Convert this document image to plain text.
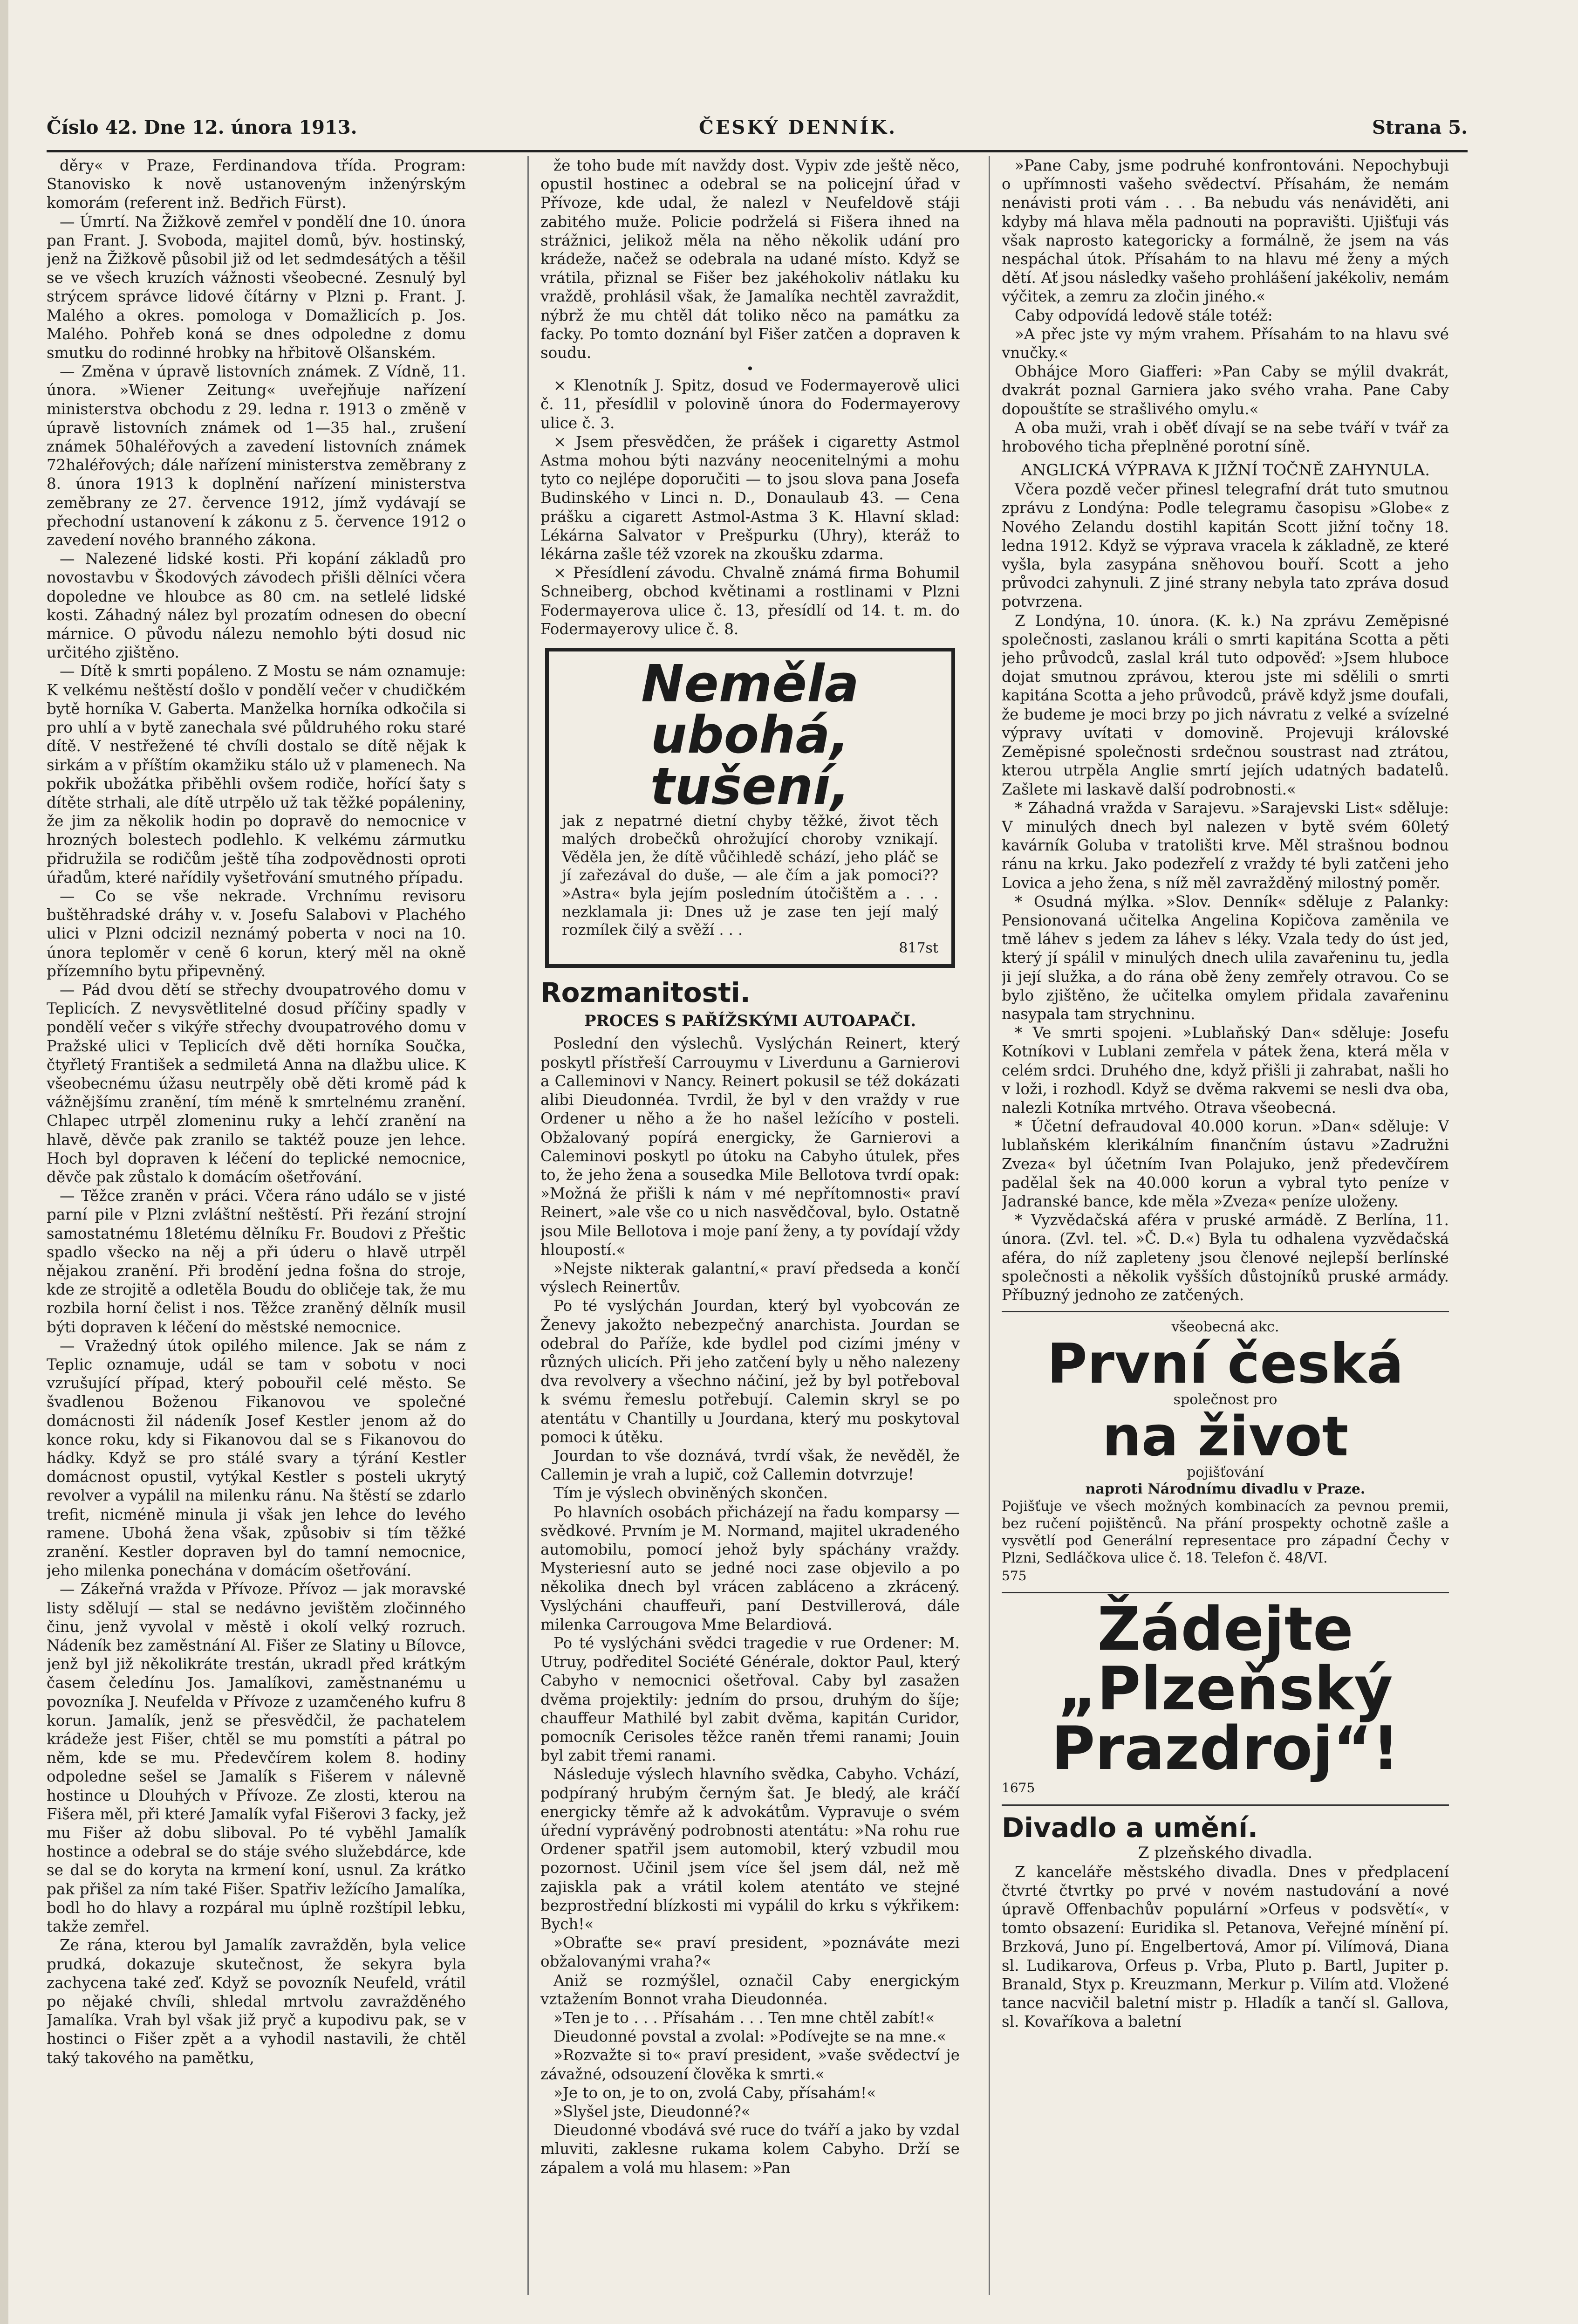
Číslo 42. Dne 12. února 1913.	ČESKÝ DENNÍK.	Strana 5.

děry« v Praze, Ferdinandova třída. Program: Stanovisko k nově ustanoveným inženýrským komorám (referent inž. Bedřich Fürst).

— Úmrtí. Na Žižkově zemřel v pondělí dne 10. února pan Frant. J. Svoboda, majitel domů, býv. hostinský, jenž na Žižkově působil již od let sedmdesátých a těšil se ve všech kruzích vážnosti všeobecné. Zesnulý byl strýcem správce lidové čítárny v Plzni p. Frant. J. Malého a okres. pomologa v Domažlicích p. Jos. Malého. Pohřeb koná se dnes odpoledne z domu smutku do rodinné hrobky na hřbitově Olšanském.

— Změna v úpravě listovních známek. Z Vídně, 11. února. »Wiener Zeitung« uveřejňuje nařízení ministerstva obchodu z 29. ledna r. 1913 o změně v úpravě listovních známek od 1—35 hal., zrušení známek 50haléřových a zavedení listovních známek 72haléřových; dále nařízení ministerstva zeměbrany z 8. února 1913 k doplnění nařízení ministerstva zeměbrany ze 27. července 1912, jímž vydávají se přechodní ustanovení k zákonu z 5. července 1912 o zavedení nového branného zákona.

— Nalezené lidské kosti. Při kopání základů pro novostavbu v Škodových závodech přišli dělníci včera dopoledne ve hloubce as 80 cm. na setlelé lidské kosti. Záhadný nález byl prozatím odnesen do obecní márnice. O původu nálezu nemohlo býti dosud nic určitého zjištěno.

— Dítě k smrti popáleno. Z Mostu se nám oznamuje: K velkému neštěstí došlo v pondělí večer v chudičkém bytě horníka V. Gaberta. Manželka horníka odkočila si pro uhlí a v bytě zanechala své půldruhého roku staré dítě. V nestřežené té chvíli dostalo se dítě nějak k sirkám a v příštím okamžiku stálo už v plamenech. Na pokřik ubožátka přiběhli ovšem rodiče, hořící šaty s dítěte strhali, ale dítě utrpělo už tak těžké popáleniny, že jim za několik hodin po dopravě do nemocnice v hrozných bolestech podlehlo. K velkému zármutku přidružila se rodičům ještě tíha zodpovědnosti oproti úřadům, které nařídily vyšetřování smutného případu.

— Co se vše nekrade. Vrchnímu revisoru buštěhradské dráhy v. v. Josefu Salabovi v Plachého ulici v Plzni odcizil neznámý poberta v noci na 10. února teploměr v ceně 6 korun, který měl na okně přízemního bytu připevněný.

— Pád dvou dětí se střechy dvoupatrového domu v Teplicích. Z nevysvětlitelné dosud příčiny spadly v pondělí večer s vikýře střechy dvoupatrového domu v Pražské ulici v Teplicích dvě děti horníka Součka, čtyřletý František a sedmiletá Anna na dlažbu ulice. K všeobecnému úžasu neutrpěly obě děti kromě pád k vážnějšímu zranění, tím méně k smrtelnému zranění. Chlapec utrpěl zlomeninu ruky a lehčí zranění na hlavě, děvče pak zranilo se taktéž pouze jen lehce. Hoch byl dopraven k léčení do teplické nemocnice, děvče pak zůstalo k domácím ošetřování.

— Těžce zraněn v práci. Včera ráno událo se v jisté parní pile v Plzni zvláštní neštěstí. Při řezání strojní samostatnému 18letému dělníku Fr. Boudovi z Přeštic spadlo všecko na něj a při úderu o hlavě utrpěl nějakou zranění. Při brodění jedna fošna do stroje, kde ze strojitě a odletěla Boudu do obličeje tak, že mu rozbila horní čelist i nos. Těžce zraněný dělník musil býti dopraven k léčení do městské nemocnice.

— Vražedný útok opilého milence. Jak se nám z Teplic oznamuje, udál se tam v sobotu v noci vzrušující případ, který pobouřil celé město. Se švadlenou Boženou Fikanovou ve společné domácnosti žil nádeník Josef Kestler jenom až do konce roku, kdy si Fikanovou dal se s Fikanovou do hádky. Když se pro stálé svary a týrání Kestler domácnost opustil, vytýkal Kestler s posteli ukrytý revolver a vypálil na milenku ránu. Na štěstí se zdarlo trefit, nicméně minula ji však jen lehce do levého ramene. Ubohá žena však, způsobiv si tím těžké zranění. Kestler dopraven byl do tamní nemocnice, jeho milenka ponechána v domácím ošetřování.

— Zákeřná vražda v Přívoze. Přívoz — jak moravské listy sdělují — stal se nedávno jevištěm zločinného činu, jenž vyvolal v městě i okolí velký rozruch. Nádeník bez zaměstnání Al. Fišer ze Slatiny u Bílovce, jenž byl již několikráte trestán, ukradl před krátkým časem čeledínu Jos. Jamalíkovi, zaměstnanému u povozníka J. Neufelda v Přívoze z uzamčeného kufru 8 korun. Jamalík, jenž se přesvědčil, že pachatelem krádeže jest Fišer, chtěl se mu pomstíti a pátral po něm, kde se mu. Předevčírem kolem 8. hodiny odpoledne sešel se Jamalík s Fišerem v nálevně hostince u Dlouhých v Přívoze. Ze zlosti, kterou na Fišera měl, při které Jamalík vyfal Fišerovi 3 facky, jež mu Fišer až dobu sliboval. Po té vyběhl Jamalík hostince a odebral se do stáje svého služebdárce, kde se dal se do koryta na krmení koní, usnul. Za krátko pak přišel za ním také Fišer. Spatřiv ležícího Jamalíka, bodl ho do hlavy a rozpáral mu úplně rozštípil lebku, takže zemřel.

Ze rána, kterou byl Jamalík zavražděn, byla velice prudká, dokazuje skutečnost, že sekyra byla zachycena také zeď. Když se povozník Neufeld, vrátil po nějaké chvíli, shledal mrtvolu zavražděného Jamalíka. Vrah byl však již pryč a kupodivu pak, se v hostinci o Fišer zpět a a vyhodil nastavili, že chtěl taký takového na pamětku,

že toho bude mít navždy dost. Vypiv zde ještě něco, opustil hostinec a odebral se na policejní úřad v Přívoze, kde udal, že nalezl v Neufeldově stáji zabitého muže. Policie podrželá si Fišera ihned na strážnici, jelikož měla na něho několik udání pro krádeže, načež se odebrala na udané místo. Když se vrátila, přiznal se Fišer bez jakéhokoliv nátlaku ku vraždě, prohlásil však, že Jamalíka nechtěl zavraždit, nýbrž že mu chtěl dát toliko něco na památku za facky. Po tomto doznání byl Fišer zatčen a dopraven k soudu.

•

× Klenotník J. Spitz, dosud ve Fodermayerově ulici č. 11, přesídlil v polovině února do Fodermayerovy ulice č. 3.

× Jsem přesvědčen, že prášek i cigaretty Astmol Astma mohou býti nazvány neocenitelnými a mohu tyto co nejlépe doporučiti — to jsou slova pana Josefa Budinského v Linci n. D., Donaulaub 43. — Cena prášku a cigarett Astmol-Astma 3 K. Hlavní sklad: Lékárna Salvator v Prešpurku (Uhry), kteráž to lékárna zašle též vzorek na zkoušku zdarma.

× Přesídlení závodu. Chvalně známá firma Bohumil Schneiberg, obchod květinami a rostlinami v Plzni Fodermayerova ulice č. 13, přesídlí od 14. t. m. do Fodermayerovy ulice č. 8.

Neměla ubohá,
tušení,
jak z nepatrné dietní chyby těžké, život těch malých drobečků ohrožující choroby vznikají. Věděla jen, že dítě vůčihledě schází, jeho pláč se jí zařezával do duše, — ale čím a jak pomoci?? »Astra« byla jejím posledním útočištěm a . . . nezklamala ji: Dnes už je zase ten její malý rozmílek čilý a svěží . . .
817st
Rozmanitosti.
PROCES S PAŘÍŽSKÝMI AUTOAPAČI.

Poslední den výslechů. Vyslýchán Reinert, který poskytl přístřeší Carrouymu v Liverdunu a Garnierovi a Calleminovi v Nancy. Reinert pokusil se též dokázati alibi Dieudonnéa. Tvrdil, že byl v den vraždy v rue Ordener u něho a že ho našel ležícího v posteli. Obžalovaný popírá energicky, že Garnierovi a Caleminovi poskytl po útoku na Cabyho útulek, přes to, že jeho žena a sousedka Mile Bellotova tvrdí opak: »Možná že přišli k nám v mé nepřítomnosti« praví Reinert, »ale vše co u nich nasvědčoval, bylo. Ostatně jsou Mile Bellotova i moje paní ženy, a ty povídají vždy hloupostí.«

»Nejste nikterak galantní,« praví předseda a končí výslech Reinertův.

Po té vyslýchán Jourdan, který byl vyobcován ze Ženevy jakožto nebezpečný anarchista. Jourdan se odebral do Paříže, kde bydlel pod cizími jmény v různých ulicích. Při jeho zatčení byly u něho nalezeny dva revolvery a všechno náčiní, jež by byl potřeboval k svému řemeslu potřebují. Calemin skryl se po atentátu v Chantilly u Jourdana, který mu poskytoval pomoci k útěku.

Jourdan to vše doznává, tvrdí však, že nevěděl, že Callemin je vrah a lupič, což Callemin dotvrzuje!

Tím je výslech obviněných skončen.

Po hlavních osobách přicházejí na řadu komparsy — svědkové. Prvním je M. Normand, majitel ukradeného automobilu, pomocí jehož byly spáchány vraždy. Mysteriesní auto se jedné noci zase objevilo a po několika dnech byl vrácen zabláceno a zkrácený. Vyslýcháni chauffeuři, paní Destvillerová, dále milenka Carrougova Mme Belardiová.

Po té vyslýcháni svědci tragedie v rue Ordener: M. Utruy, podředitel Société Générale, doktor Paul, který Cabyho v nemocnici ošetřoval. Caby byl zasažen dvěma projektily: jedním do prsou, druhým do šíje; chauffeur Mathilé byl zabit dvěma, kapitán Curidor, pomocník Cerisoles těžce raněn třemi ranami; Jouin byl zabit třemi ranami.

Následuje výslech hlavního svědka, Cabyho. Vchází, podpíraný hrubým černým šat. Je bledý, ale kráčí energicky těmře až k advokátům. Vypravuje o svém úřední vyprávěný podrobnosti atentátu: »Na rohu rue Ordener spatřil jsem automobil, který vzbudil mou pozornost. Učinil jsem více šel jsem dál, než mě zajiskla pak a vrátil kolem atentáto ve stejné bezprostřední blízkosti mi vypálil do krku s výkřikem: Bych!«

»Obraťte se« praví president, »poznáváte mezi obžalovanými vraha?«

Aniž se rozmýšlel, označil Caby energickým vztažením Bonnot vraha Dieudonnéa.

»Ten je to . . . Přísahám . . . Ten mne chtěl zabít!«

Dieudonné povstal a zvolal: »Podívejte se na mne.«

»Rozvažte si to« praví president, »vaše svědectví je závažné, odsouzení člověka k smrti.«

»Je to on, je to on, zvolá Caby, přísahám!«

»Slyšel jste, Dieudonné?«

Dieudonné vbodává své ruce do tváří a jako by vzdal mluviti, zaklesne rukama kolem Cabyho. Drží se zápalem a volá mu hlasem: »Pan

»Pane Caby, jsme podruhé konfrontováni. Nepochybuji o upřímnosti vašeho svědectví. Přísahám, že nemám nenávisti proti vám . . . Ba nebudu vás nenáviděti, ani kdyby má hlava měla padnouti na popravišti. Ujišťuji vás však naprosto kategoricky a formálně, že jsem na vás nespáchal útok. Přísahám to na hlavu mé ženy a mých dětí. Ať jsou následky vašeho prohlášení jakékoliv, nemám výčitek, a zemru za zločin jiného.«

Caby odpovídá ledově stále totéž:

»A přec jste vy mým vrahem. Přísahám to na hlavu své vnučky.«

Obhájce Moro Giafferi: »Pan Caby se mýlil dvakrát, dvakrát poznal Garniera jako svého vraha. Pane Caby dopouštíte se strašlivého omylu.«

A oba muži, vrah i oběť dívají se na sebe tváří v tvář za hrobového ticha přeplněné porotní síně.

ANGLICKÁ VÝPRAVA K JIŽNÍ TOČNĚ ZAHYNULA.

Včera pozdě večer přinesl telegrafní drát tuto smutnou zprávu z Londýna: Podle telegramu časopisu »Globe« z Nového Zelandu dostihl kapitán Scott jižní točny 18. ledna 1912. Když se výprava vracela k základně, ze které vyšla, byla zasypána sněhovou bouří. Scott a jeho průvodci zahynuli. Z jiné strany nebyla tato zpráva dosud potvrzena.

Z Londýna, 10. února. (K. k.) Na zprávu Zeměpisné společnosti, zaslanou králi o smrti kapitána Scotta a pěti jeho průvodců, zaslal král tuto odpověď: »Jsem hluboce dojat smutnou zprávou, kterou jste mi sdělili o smrti kapitána Scotta a jeho průvodců, právě když jsme doufali, že budeme je moci brzy po jich návratu z velké a svízelné výpravy uvítati v domovině. Projevuji královské Zeměpisné společnosti srdečnou soustrast nad ztrátou, kterou utrpěla Anglie smrtí jejích udatných badatelů. Zašlete mi laskavě další podrobnosti.«

* Záhadná vražda v Sarajevu. »Sarajevski List« sděluje: V minulých dnech byl nalezen v bytě svém 60letý kavárník Goluba v tratolišti krve. Měl strašnou bodnou ránu na krku. Jako podezřelí z vraždy té byli zatčeni jeho Lovica a jeho žena, s níž měl zavražděný milostný poměr.

* Osudná mýlka. »Slov. Denník« sděluje z Palanky: Pensionovaná učitelka Angelina Kopičova zaměnila ve tmě láhev s jedem za láhev s léky. Vzala tedy do úst jed, který jí spálil v minulých dnech ulila zavařeninu tu, jedla ji její služka, a do rána obě ženy zemřely otravou. Co se bylo zjištěno, že učitelka omylem přidala zavařeninu nasypala tam strychninu.

* Ve smrti spojeni. »Lublaňský Dan« sděluje: Josefu Kotníkovi v Lublani zemřela v pátek žena, která měla v celém srdci. Druhého dne, když přišli ji zahrabat, našli ho v loži, i rozhodl. Když se dvěma rakvemi se nesli dva oba, nalezli Kotníka mrtvého. Otrava všeobecná.

* Účetní defraudoval 40.000 korun. »Dan« sděluje: V lublaňském klerikálním finančním ústavu »Zadružni Zveza« byl účetním Ivan Polajuko, jenž předevčírem padělal šek na 40.000 korun a vybral tyto peníze v Jadranské bance, kde měla »Zveza« peníze uloženy.

* Vyzvědačská aféra v pruské armádě. Z Berlína, 11. února. (Zvl. tel. »Č. D.«) Byla tu odhalena vyzvědačská aféra, do níž zapleteny jsou členové nejlepší berlínské společnosti a několik vyšších důstojníků pruské armády. Příbuzný jednoho ze zatčených.

všeobecná akc.
První česká
společnost pro
na život
pojišťování
naproti Národnímu divadlu v Praze.
Pojišťuje ve všech možných kombinacích za pevnou premii, bez ručení pojištěnců. Na přání prospekty ochotně zašle a vysvětlí pod Generální representace pro západní Čechy v Plzni, Sedláčkova ulice č. 18. Telefon č. 48/VI.
575
Žádejte
„Plzeňský
Prazdroj“!
1675
Divadlo a umění.
Z plzeňského divadla.

Z kanceláře městského divadla. Dnes v předplacení čtvrté čtvrtky po prvé v novém nastudování a nové úpravě Offenbachův populární »Orfeus v podsvětí«, v tomto obsazení: Euridika sl. Petanova, Veřejné mínění pí. Brzková, Juno pí. Engelbertová, Amor pí. Vilímová, Diana sl. Ludikarova, Orfeus p. Vrba, Pluto p. Bartl, Jupiter p. Branald, Styx p. Kreuzmann, Merkur p. Vilím atd. Vložené tance nacvičil baletní mistr p. Hladík a tančí sl. Gallova, sl. Kovaříkova a baletní
